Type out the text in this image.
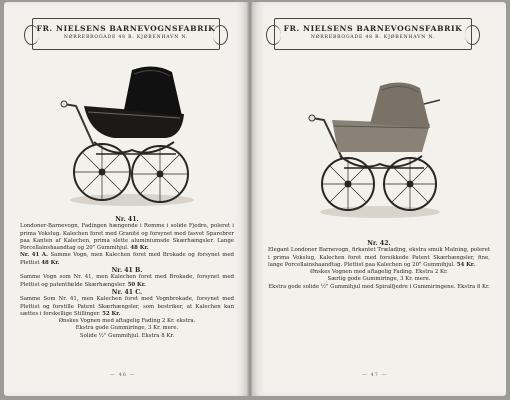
FR. NIELSENS BARNEVOGNSFABRIK
NØRREBROGADE 48 B. KJØBENHAVN N.
Nr. 41.

Londoner-Barnevogn, Fadingen hængende i Remme i solide Fjedre, poleret i prima Vokslug. Kalechen foret med Granité og forsynet med fasvet Sparebrer paa Kanten af Kalechen, prima slette aluminiumsde Skærhængsler. Lange Porcellainshaandtag og 20" Gummihjul. 48 Kr.

Nr. 41 A. Samme Vogn, men Kalechen foret med Brokade og forsynet med Plettist 48 Kr.

Nr. 41 B.

Samme Vogn som Nr. 41, men Kalechen foret med Brokade, forsynet med Plettist og patentfælde Skærhængsler. 50 Kr.

Nr. 41 C.

Samme Som Nr. 41, men Kalechen foret med Vognbrokade, forsynet med Plettist og forstille Patent Skærhængsler, som bestriker, at Kalechen kan sættes i forskellige Stillinger. 52 Kr.

Ønskes Vognen med aftagelig Fading 2 Kr. ekstra.

Ekstra gode Gummiringe, 3 Kr. mere.

Solide ½" Gummihjul. Ekstra 8 Kr.

— 46 —
FR. NIELSENS BARNEVOGNSFABRIK
NØRREBROGADE 48 B. KJØBENHAVN N.
Nr. 42.

Elegant Londoner Barnevogn, firkantet Trælading, ekstra smuk Malning, poleret i prima Vokslug, Kalechen foret med forsikkede Patent Skærhængsler, fine, lange Porcellainshaandtag. Plettist paa Kalechen og 20" Gummihjul. 54 Kr.

Ønskes Vognen med aftagelig Fading. Ekstra 2 Kr.

Særlig gode Gummiringe, 3 Kr. mere.

Ekstra gode solide ½" Gummihjul med Spiralfjedre i Gummiringene. Ekstra 8 Kr.

— 47 —
